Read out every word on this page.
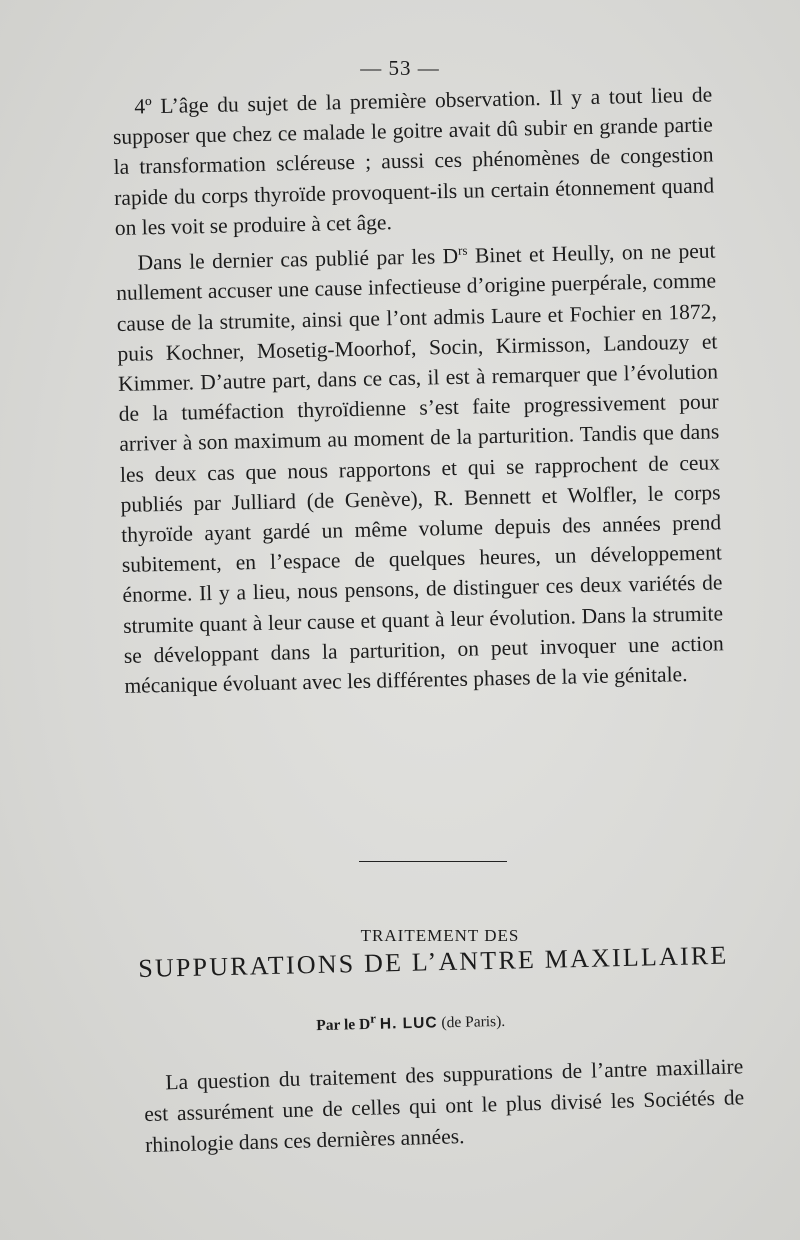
— 53 —

4º L’âge du sujet de la première observation. Il y a tout lieu de supposer que chez ce malade le goitre avait dû subir en grande partie la transformation scléreuse ; aussi ces phénomènes de congestion rapide du corps thyroïde provoquent-ils un certain étonnement quand on les voit se produire à cet âge.

Dans le dernier cas publié par les $D^{rs}$ Binet et Heully, on ne peut nullement accuser une cause infectieuse d’origine puerpérale, comme cause de la strumite, ainsi que l’ont admis Laure et Fochier en 1872, puis Kochner, Mosetig-Moorhof, Socin, Kirmisson, Landouzy et Kimmer. D’autre part, dans ce cas, il est à remarquer que l’évolution de la tuméfaction thyroïdienne s’est faite progressivement pour arriver à son maximum au moment de la parturition. Tandis que dans les deux cas que nous rapportons et qui se rapprochent de ceux publiés par Julliard (de Genève), R. Bennett et Wolfler, le corps thyroïde ayant gardé un même volume depuis des années prend subitement, en l’espace de quelques heures, un développement énorme. Il y a lieu, nous pensons, de distinguer ces deux variétés de strumite quant à leur cause et quant à leur évolution. Dans la strumite se développant dans la parturition, on peut invoquer une action mécanique évoluant avec les différentes phases de la vie génitale.

TRAITEMENT DES
SUPPURATIONS DE L’ANTRE MAXILLAIRE
Par le $D^r$ H. LUC (de Paris).

La question du traitement des suppurations de l’antre maxillaire est assurément une de celles qui ont le plus divisé les Sociétés de rhinologie dans ces dernières années.
